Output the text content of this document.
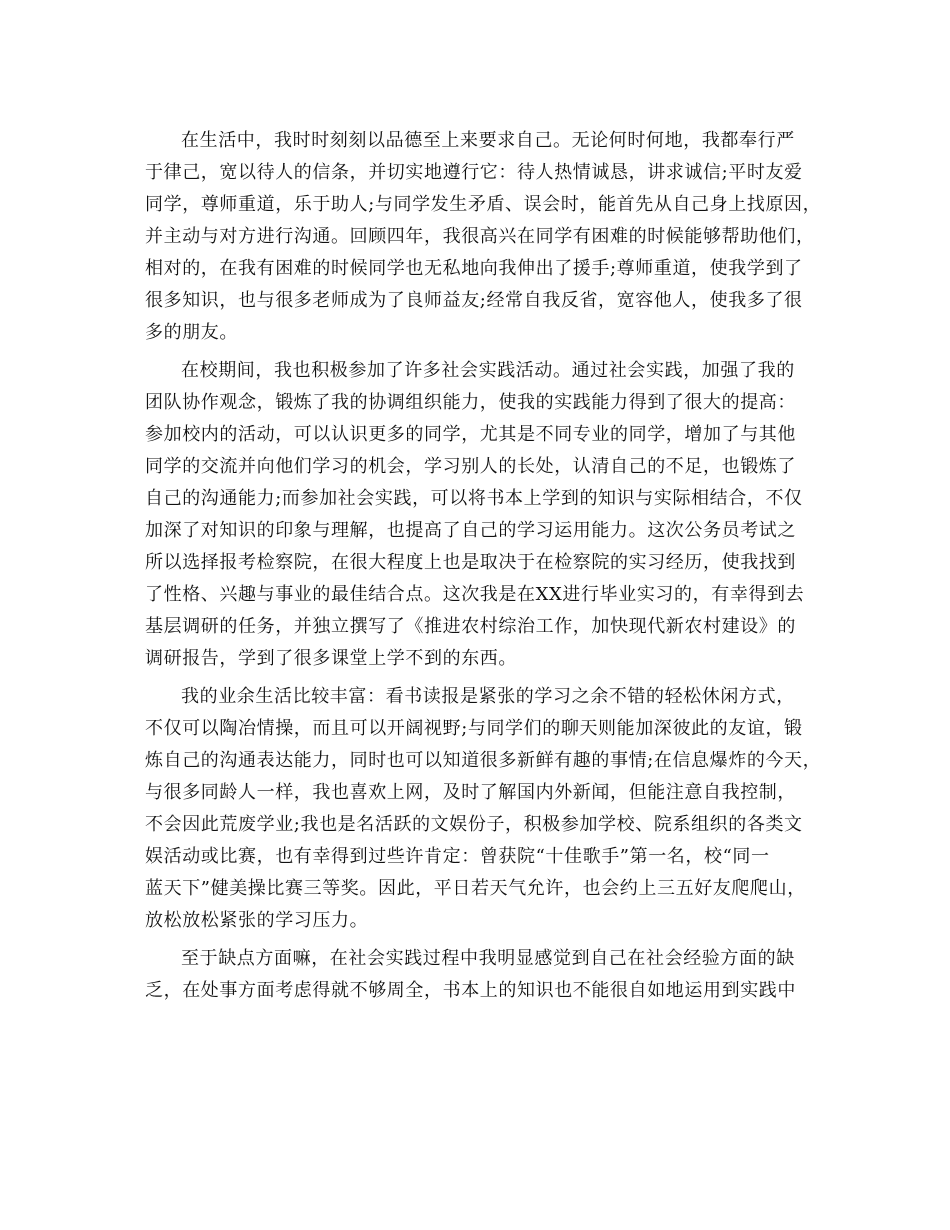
在生活中，我时时刻刻以品德至上来要求自己。无论何时何地，我都奉行严
于律己，宽以待人的信条，并切实地遵行它：待人热情诚恳，讲求诚信;平时友爱
同学，尊师重道，乐于助人;与同学发生矛盾、误会时，能首先从自己身上找原因，
并主动与对方进行沟通。回顾四年，我很高兴在同学有困难的时候能够帮助他们，
相对的，在我有困难的时候同学也无私地向我伸出了援手;尊师重道，使我学到了
很多知识，也与很多老师成为了良师益友;经常自我反省，宽容他人，使我多了很
多的朋友。
在校期间，我也积极参加了许多社会实践活动。通过社会实践，加强了我的
团队协作观念，锻炼了我的协调组织能力，使我的实践能力得到了很大的提高：
参加校内的活动，可以认识更多的同学，尤其是不同专业的同学，增加了与其他
同学的交流并向他们学习的机会，学习别人的长处，认清自己的不足，也锻炼了
自己的沟通能力;而参加社会实践，可以将书本上学到的知识与实际相结合，不仅
加深了对知识的印象与理解，也提高了自己的学习运用能力。这次公务员考试之
所以选择报考检察院，在很大程度上也是取决于在检察院的实习经历，使我找到
了性格、兴趣与事业的最佳结合点。这次我是在XX进行毕业实习的，有幸得到去
基层调研的任务，并独立撰写了《推进农村综治工作，加快现代新农村建设》的
调研报告，学到了很多课堂上学不到的东西。
我的业余生活比较丰富：看书读报是紧张的学习之余不错的轻松休闲方式，
不仅可以陶冶情操，而且可以开阔视野;与同学们的聊天则能加深彼此的友谊，锻
炼自己的沟通表达能力，同时也可以知道很多新鲜有趣的事情;在信息爆炸的今天，
与很多同龄人一样，我也喜欢上网，及时了解国内外新闻，但能注意自我控制，
不会因此荒废学业;我也是名活跃的文娱份子，积极参加学校、院系组织的各类文
娱活动或比赛，也有幸得到过些许肯定：曾获院“十佳歌手”第一名，校“同一
蓝天下”健美操比赛三等奖。因此，平日若天气允许，也会约上三五好友爬爬山，
放松放松紧张的学习压力。
至于缺点方面嘛，在社会实践过程中我明显感觉到自己在社会经验方面的缺
乏，在处事方面考虑得就不够周全，书本上的知识也不能很自如地运用到实践中
